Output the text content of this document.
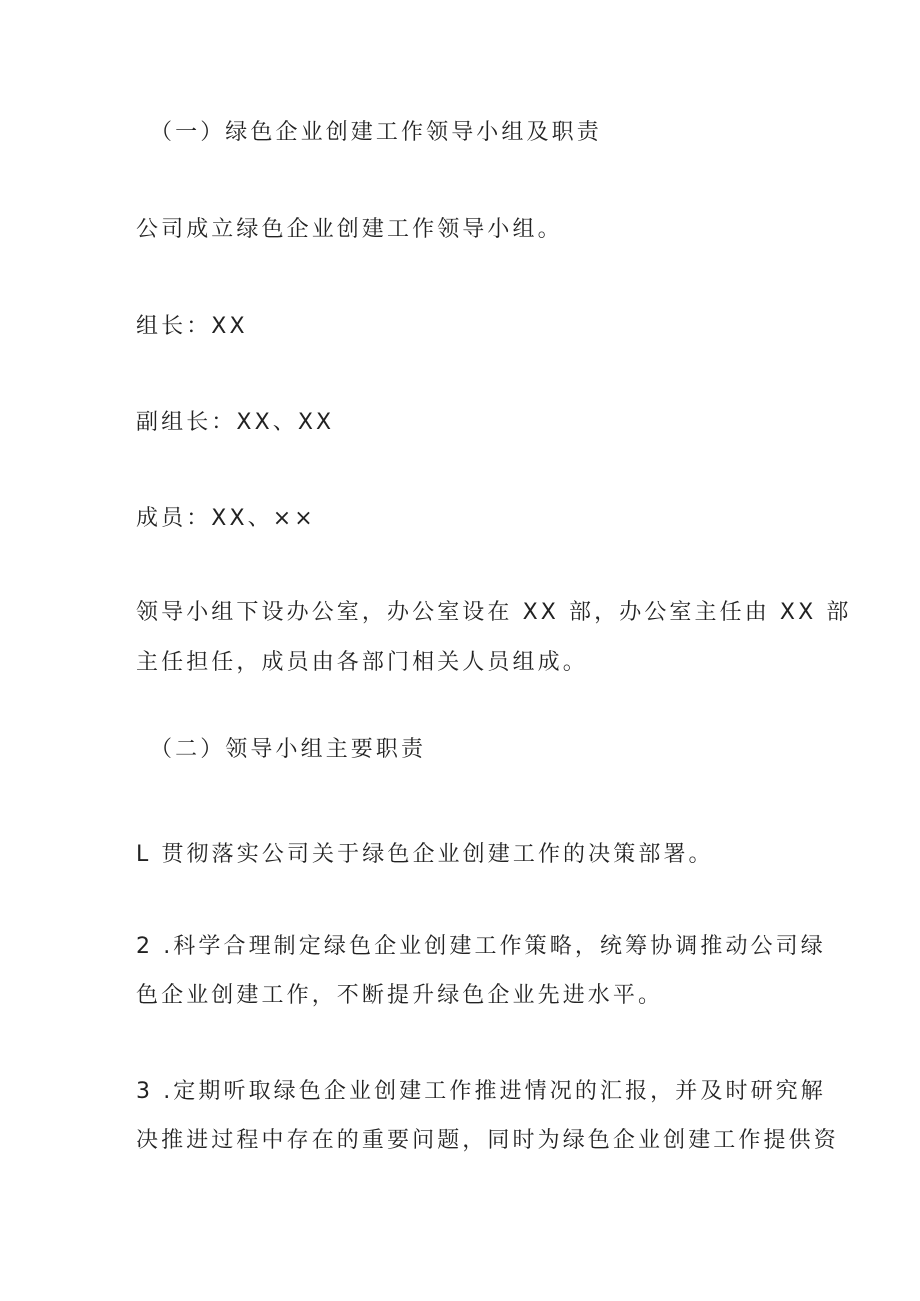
（一）绿色企业创建工作领导小组及职责
公司成立绿色企业创建工作领导小组。
组长：XX
副组长：XX、XX
成员：XX、××
领导小组下设办公室，办公室设在 XX 部，办公室主任由 XX 部
主任担任，成员由各部门相关人员组成。
（二）领导小组主要职责
L 贯彻落实公司关于绿色企业创建工作的决策部署。
2 .科学合理制定绿色企业创建工作策略，统筹协调推动公司绿
色企业创建工作，不断提升绿色企业先进水平。
3 .定期听取绿色企业创建工作推进情况的汇报，并及时研究解
决推进过程中存在的重要问题，同时为绿色企业创建工作提供资
